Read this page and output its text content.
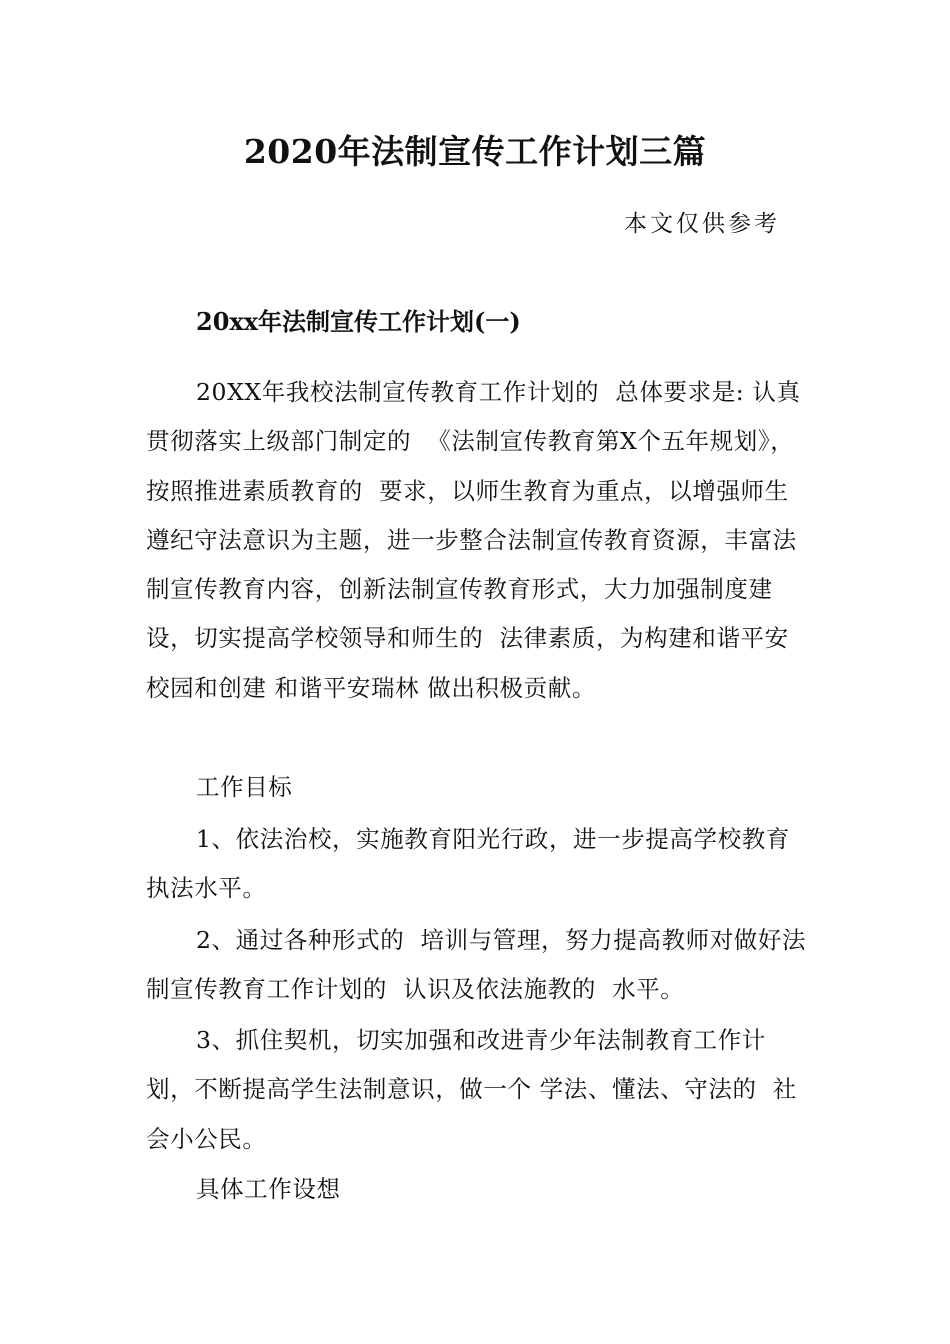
2020年法制宣传工作计划三篇

本文仅供参考

20xx年法制宣传工作计划(一)

20XX年我校法制宣传教育工作计划的  总体要求是: 认真贯彻落实上级部门制定的  《法制宣传教育第X个五年规划》，按照推进素质教育的  要求，以师生教育为重点，以增强师生遵纪守法意识为主题，进一步整合法制宣传教育资源，丰富法制宣传教育内容，创新法制宣传教育形式，大力加强制度建设，切实提高学校领导和师生的  法律素质，为构建和谐平安校园和创建 和谐平安瑞林 做出积极贡献。

工作目标

1、依法治校，实施教育阳光行政，进一步提高学校教育执法水平。

2、通过各种形式的  培训与管理，努力提高教师对做好法制宣传教育工作计划的  认识及依法施教的  水平。

3、抓住契机，切实加强和改进青少年法制教育工作计划，不断提高学生法制意识，做一个 学法、懂法、守法的  社会小公民。

具体工作设想
